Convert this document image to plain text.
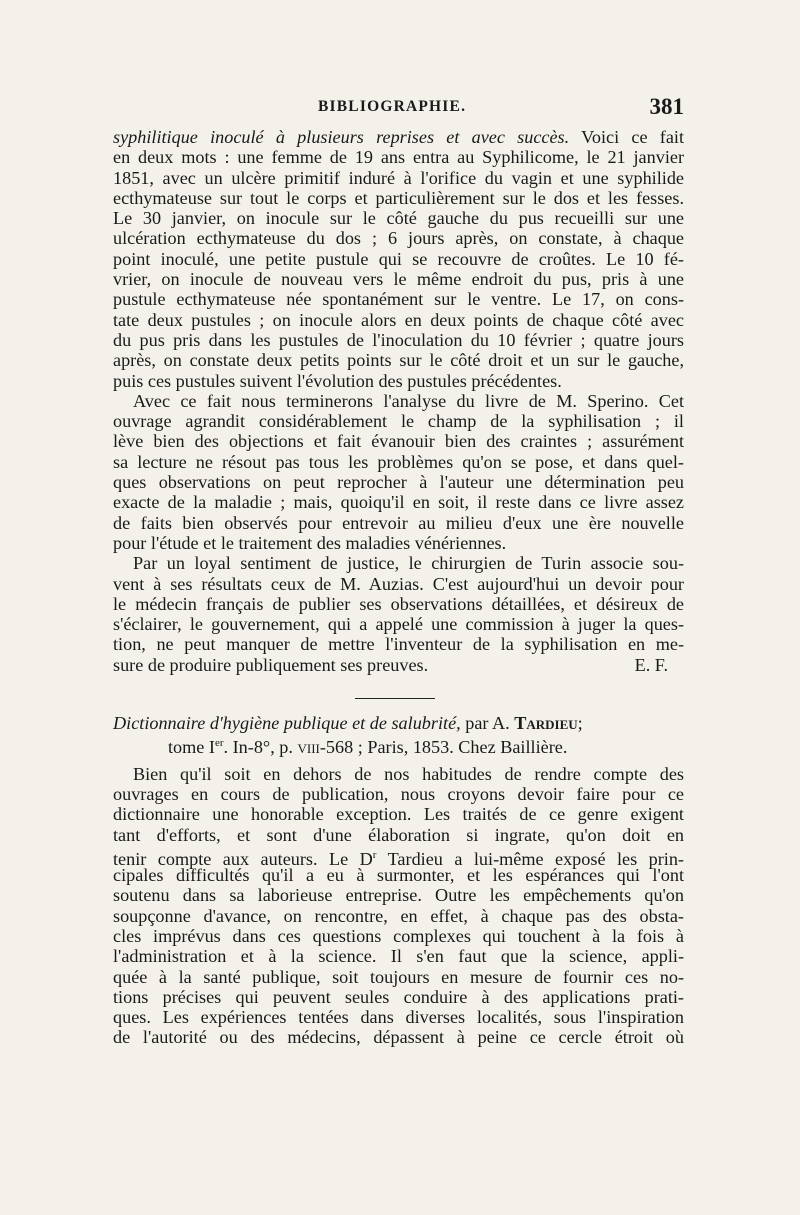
BIBLIOGRAPHIE.	381
syphilitique inoculé à plusieurs reprises et avec succès. Voici ce fait
en deux mots : une femme de 19 ans entra au Syphilicome, le 21 janvier
1851, avec un ulcère primitif induré à l'orifice du vagin et une syphilide
ecthymateuse sur tout le corps et particulièrement sur le dos et les fesses.
Le 30 janvier, on inocule sur le côté gauche du pus recueilli sur une
ulcération ecthymateuse du dos ; 6 jours après, on constate, à chaque
point inoculé, une petite pustule qui se recouvre de croûtes. Le 10 fé-
vrier, on inocule de nouveau vers le même endroit du pus, pris à une
pustule ecthymateuse née spontanément sur le ventre. Le 17, on cons-
tate deux pustules ; on inocule alors en deux points de chaque côté avec
du pus pris dans les pustules de l'inoculation du 10 février ; quatre jours
après, on constate deux petits points sur le côté droit et un sur le gauche,
puis ces pustules suivent l'évolution des pustules précédentes.
Avec ce fait nous terminerons l'analyse du livre de M. Sperino. Cet
ouvrage agrandit considérablement le champ de la syphilisation ; il
lève bien des objections et fait évanouir bien des craintes ; assurément
sa lecture ne résout pas tous les problèmes qu'on se pose, et dans quel-
ques observations on peut reprocher à l'auteur une détermination peu
exacte de la maladie ; mais, quoiqu'il en soit, il reste dans ce livre assez
de faits bien observés pour entrevoir au milieu d'eux une ère nouvelle
pour l'étude et le traitement des maladies vénériennes.
Par un loyal sentiment de justice, le chirurgien de Turin associe sou-
vent à ses résultats ceux de M. Auzias. C'est aujourd'hui un devoir pour
le médecin français de publier ses observations détaillées, et désireux de
s'éclairer, le gouvernement, qui a appelé une commission à juger la ques-
tion, ne peut manquer de mettre l'inventeur de la syphilisation en me-
sure de produire publiquement ses preuves.	E. F.
Dictionnaire d'hygiène publique et de salubrité, par A. Tardieu;
tome Ier. In-8°, p. viii-568 ; Paris, 1853. Chez Baillière.
Bien qu'il soit en dehors de nos habitudes de rendre compte des
ouvrages en cours de publication, nous croyons devoir faire pour ce
dictionnaire une honorable exception. Les traités de ce genre exigent
tant d'efforts, et sont d'une élaboration si ingrate, qu'on doit en
tenir compte aux auteurs. Le $D^r$ Tardieu a lui-même exposé les prin-
cipales difficultés qu'il a eu à surmonter, et les espérances qui l'ont
soutenu dans sa laborieuse entreprise. Outre les empêchements qu'on
soupçonne d'avance, on rencontre, en effet, à chaque pas des obsta-
cles imprévus dans ces questions complexes qui touchent à la fois à
l'administration et à la science. Il s'en faut que la science, appli-
quée à la santé publique, soit toujours en mesure de fournir ces no-
tions précises qui peuvent seules conduire à des applications prati-
ques. Les expériences tentées dans diverses localités, sous l'inspiration
de l'autorité ou des médecins, dépassent à peine ce cercle étroit où
